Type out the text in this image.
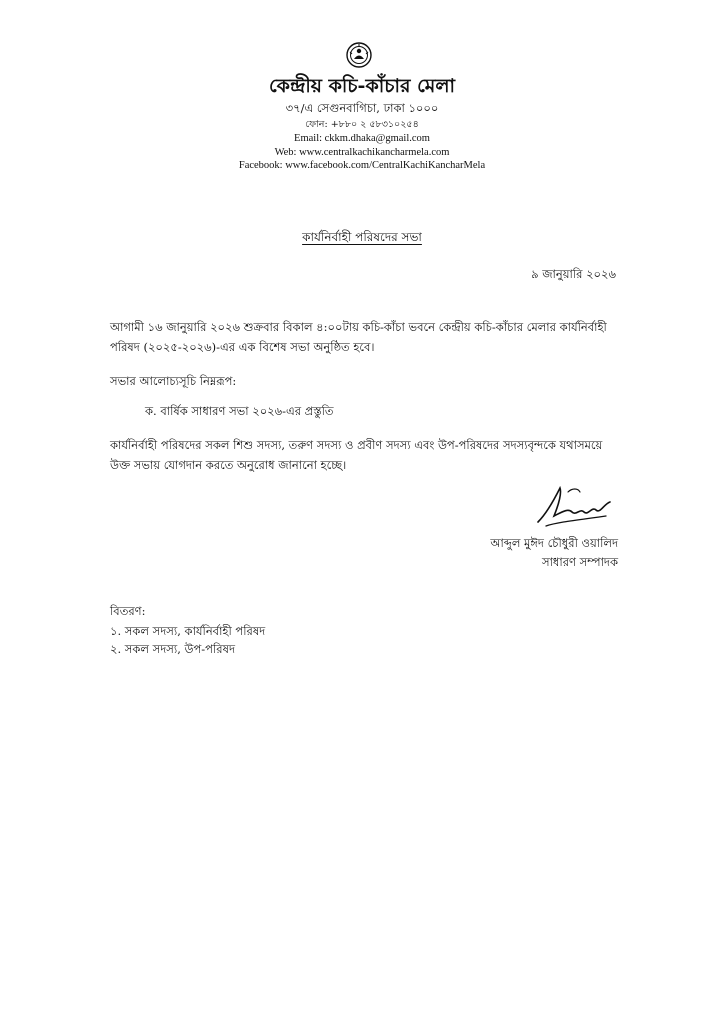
কেন্দ্রীয় কচি-কাঁচার মেলা
৩৭/এ সেগুনবাগিচা, ঢাকা ১০০০
ফোন: +৮৮০ ২ ৫৮৩১০২৫৪
Email: ckkm.dhaka@gmail.com
Web: www.centralkachikancharmela.com
Facebook: www.facebook.com/CentralKachiKancharMela
কার্যনির্বাহী পরিষদের সভা
৯ জানুয়ারি ২০২৬
আগামী ১৬ জানুয়ারি ২০২৬ শুক্রবার বিকাল ৪:০০টায় কচি-কাঁচা ভবনে কেন্দ্রীয় কচি-কাঁচার মেলার কার্যনির্বাহী পরিষদ (২০২৫-২০২৬)-এর এক বিশেষ সভা অনুষ্ঠিত হবে।
সভার আলোচ্যসূচি নিম্নরূপ:
ক. বার্ষিক সাধারণ সভা ২০২৬-এর প্রস্তুতি
কার্যনির্বাহী পরিষদের সকল শিশু সদস্য, তরুণ সদস্য ও প্রবীণ সদস্য এবং উপ-পরিষদের সদস্যবৃন্দকে যথাসময়ে উক্ত সভায় যোগদান করতে অনুরোধ জানানো হচ্ছে।
আব্দুল মুঈদ চৌধুরী ওয়ালিদ
সাধারণ সম্পাদক
বিতরণ:
১. সকল সদস্য, কার্যনির্বাহী পরিষদ
২. সকল সদস্য, উপ-পরিষদ
